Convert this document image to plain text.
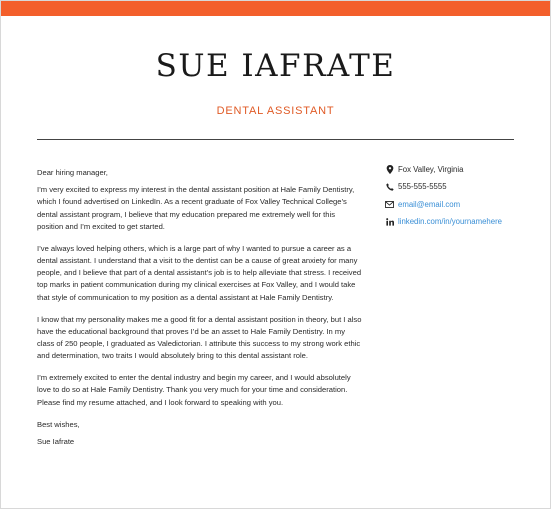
SUE IAFRATE
DENTAL ASSISTANT

Dear hiring manager,

I’m very excited to express my interest in the dental assistant position at Hale Family Dentistry, which I found advertised on LinkedIn. As a recent graduate of Fox Valley Technical College’s dental assistant program, I believe that my education prepared me extremely well for this position and I’m excited to get started.

I’ve always loved helping others, which is a large part of why I wanted to pursue a career as a dental assistant. I understand that a visit to the dentist can be a cause of great anxiety for many people, and I believe that part of a dental assistant’s job is to help alleviate that stress. I received top marks in patient communication during my clinical exercises at Fox Valley, and I would take that style of communication to my position as a dental assistant at Hale Family Dentistry.

I know that my personality makes me a good fit for a dental assistant position in theory, but I also have the educational background that proves I’d be an asset to Hale Family Dentistry. In my class of 250 people, I graduated as Valedictorian. I attribute this success to my strong work ethic and determination, two traits I would absolutely bring to this dental assistant role.

I’m extremely excited to enter the dental industry and begin my career, and I would absolutely love to do so at Hale Family Dentistry. Thank you very much for your time and consideration. Please find my resume attached, and I look forward to speaking with you.

Best wishes,

Sue Iafrate

Fox Valley, Virginia
555-555-5555
email@email.com
linkedin.com/in/yournamehere
